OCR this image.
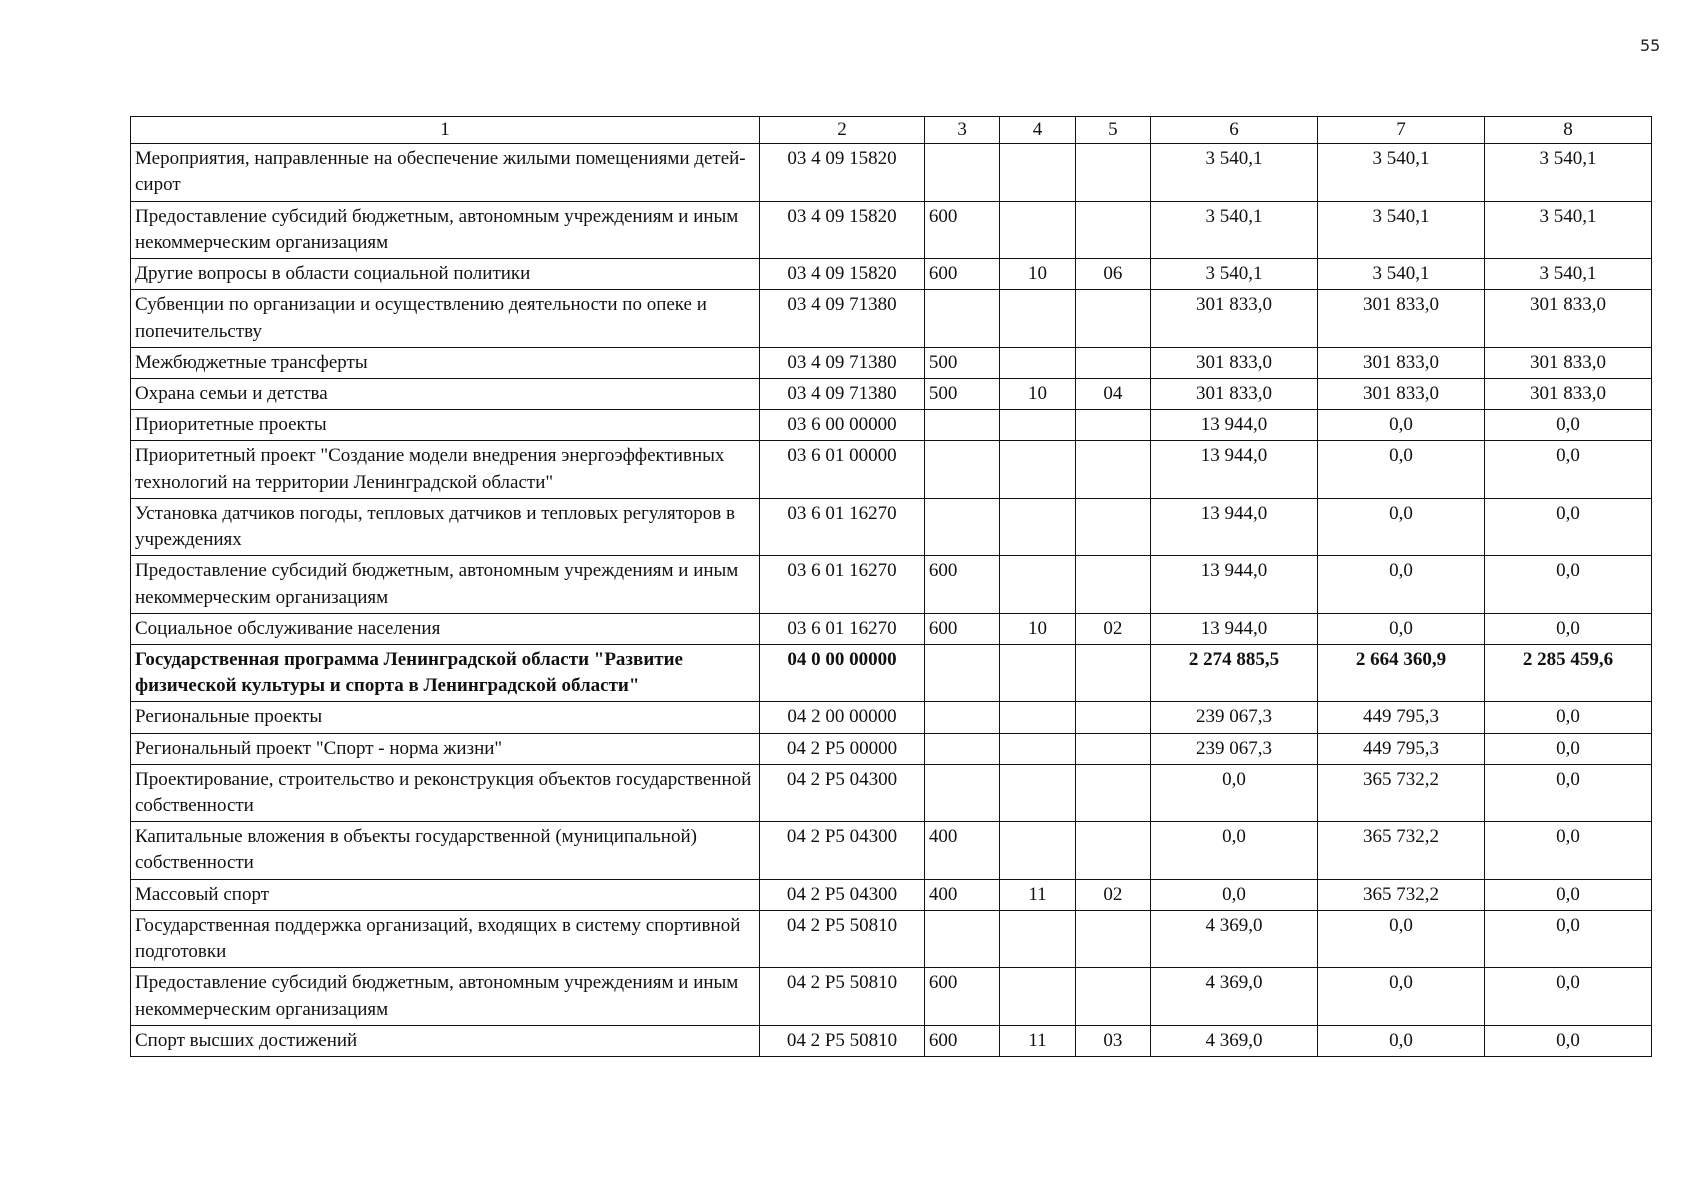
55
1	2	3	4	5	6	7	8
Мероприятия, направленные на обеспечение жилыми помещениями детей-сирот	03 4 09 15820				3 540,1	3 540,1	3 540,1
Предоставление субсидий бюджетным, автономным учреждениям и иным некоммерческим организациям	03 4 09 15820	600			3 540,1	3 540,1	3 540,1
Другие вопросы в области социальной политики	03 4 09 15820	600	10	06	3 540,1	3 540,1	3 540,1
Субвенции по организации и осуществлению деятельности по опеке и попечительству	03 4 09 71380				301 833,0	301 833,0	301 833,0
Межбюджетные трансферты	03 4 09 71380	500			301 833,0	301 833,0	301 833,0
Охрана семьи и детства	03 4 09 71380	500	10	04	301 833,0	301 833,0	301 833,0
Приоритетные проекты	03 6 00 00000				13 944,0	0,0	0,0
Приоритетный проект "Создание модели внедрения энергоэффективных технологий на территории Ленинградской области"	03 6 01 00000				13 944,0	0,0	0,0
Установка датчиков погоды, тепловых датчиков и тепловых регуляторов в учреждениях	03 6 01 16270				13 944,0	0,0	0,0
Предоставление субсидий бюджетным, автономным учреждениям и иным некоммерческим организациям	03 6 01 16270	600			13 944,0	0,0	0,0
Социальное обслуживание населения	03 6 01 16270	600	10	02	13 944,0	0,0	0,0
Государственная программа Ленинградской области "Развитие физической культуры и спорта в Ленинградской области"	04 0 00 00000				2 274 885,5	2 664 360,9	2 285 459,6
Региональные проекты	04 2 00 00000				239 067,3	449 795,3	0,0
Региональный проект "Спорт - норма жизни"	04 2 P5 00000				239 067,3	449 795,3	0,0
Проектирование, строительство и реконструкция объектов государственной собственности	04 2 P5 04300				0,0	365 732,2	0,0
Капитальные вложения в объекты государственной (муниципальной) собственности	04 2 P5 04300	400			0,0	365 732,2	0,0
Массовый спорт	04 2 P5 04300	400	11	02	0,0	365 732,2	0,0
Государственная поддержка организаций, входящих в систему спортивной подготовки	04 2 P5 50810				4 369,0	0,0	0,0
Предоставление субсидий бюджетным, автономным учреждениям и иным некоммерческим организациям	04 2 P5 50810	600			4 369,0	0,0	0,0
Спорт высших достижений	04 2 P5 50810	600	11	03	4 369,0	0,0	0,0
